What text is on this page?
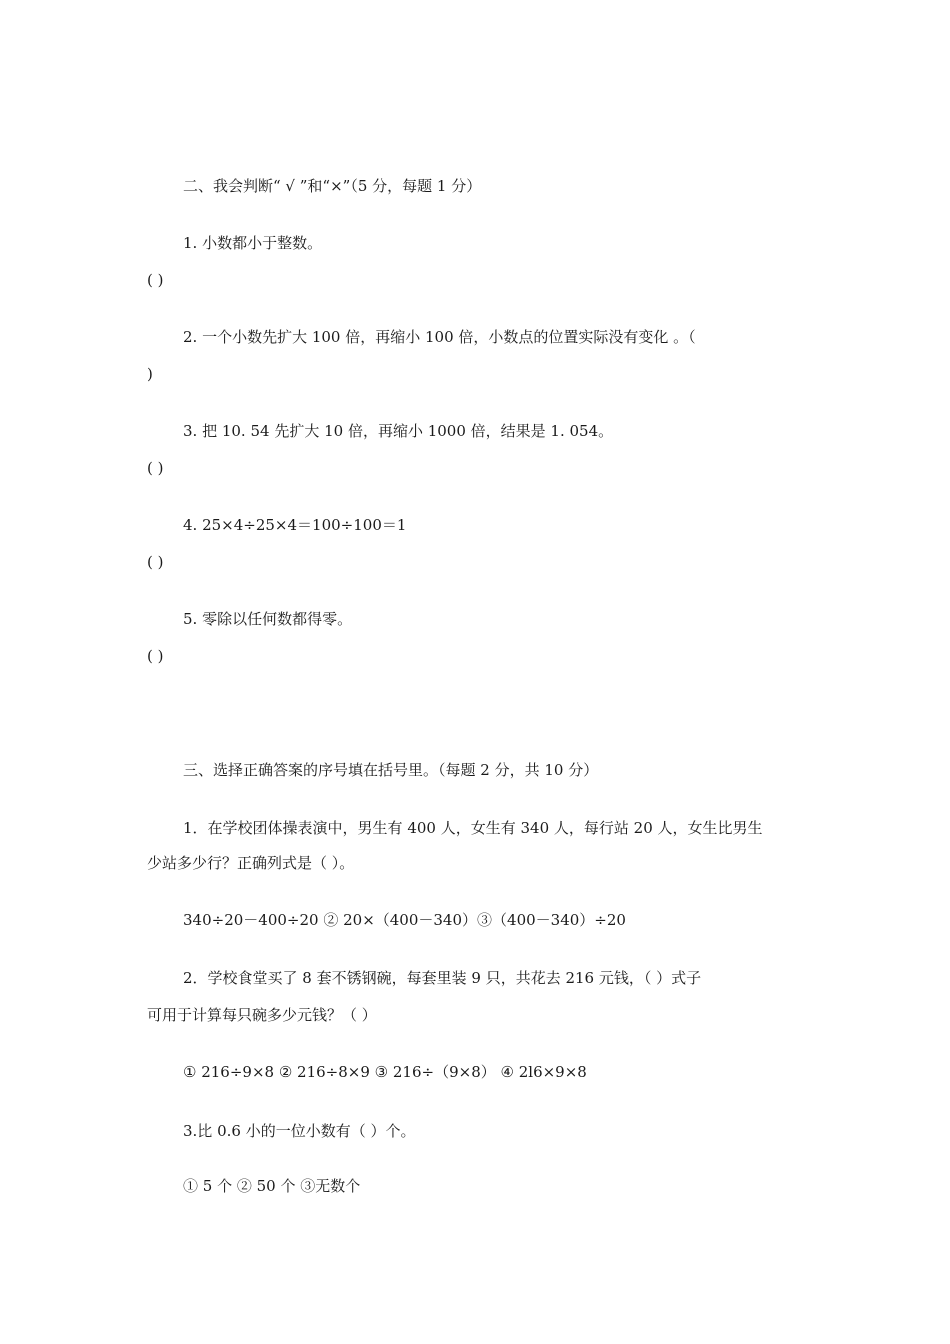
二、我会判断“ √ ”和“×”（5 分，每题 1 分）
1. 小数都小于整数。
( )
2. 一个小数先扩大 100 倍，再缩小 100 倍，小数点的位置实际没有变化 。（
)
3. 把 10. 54 先扩大 10 倍，再缩小 1000 倍，结果是 1. 054。
( )
4. 25×4÷25×4＝100÷100＝1
( )
5. 零除以任何数都得零。
( )
三、选择正确答案的序号填在括号里。（每题 2 分，共 10 分）
1．在学校团体操表演中，男生有 400 人，女生有 340 人，每行站 20 人，女生比男生
少站多少行？正确列式是（ ）。
340÷20－400÷20 ② 20×（400－340）③（400－340）÷20
2．学校食堂买了 8 套不锈钢碗，每套里装 9 只，共花去 216 元钱，（ ）式子
可用于计算每只碗多少元钱？（ ）
① 216÷9×8 ② 216÷8×9 ③ 216÷（9×8） ④ 2l6×9×8
3.比 0.6 小的一位小数有（ ）个。
① 5 个 ② 50 个 ③无数个
